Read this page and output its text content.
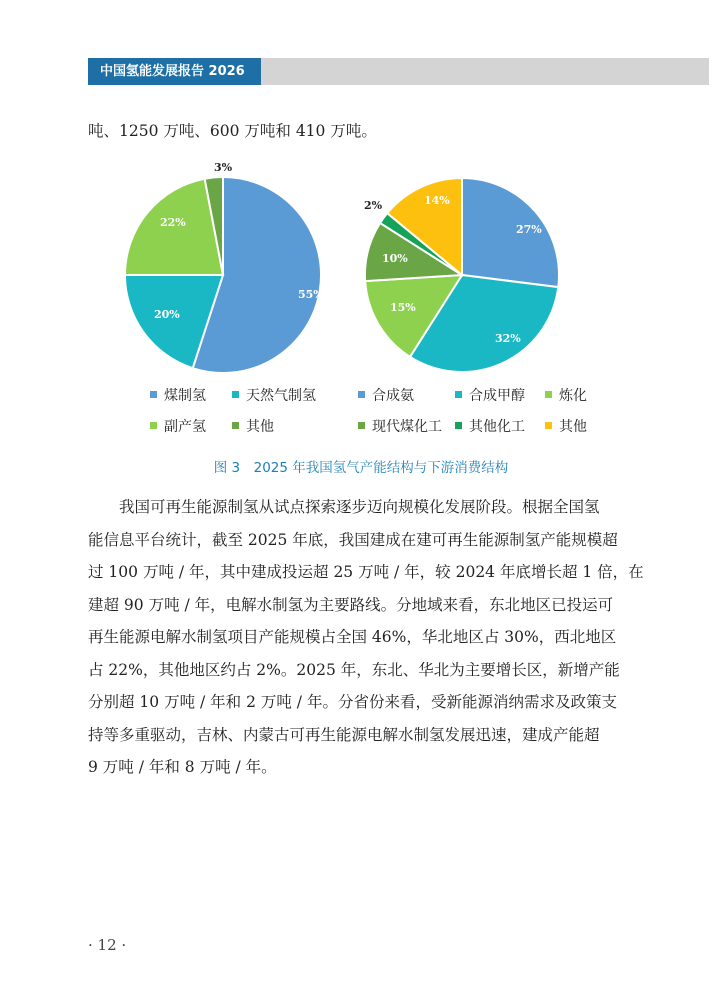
中国氢能发展报告 2026
吨、1250 万吨、600 万吨和 410 万吨。
55%
20%
22%
3%
27%
32%
15%
10%
2%	14%
煤制氢	天然气制氢
副产氢	其他
合成氨	合成甲醇	炼化
现代煤化工	其他化工	其他
图 3　2025 年我国氢气产能结构与下游消费结构
我国可再生能源制氢从试点探索逐步迈向规模化发展阶段。根据全国氢
能信息平台统计，截至 2025 年底，我国建成在建可再生能源制氢产能规模超
过 100 万吨 / 年，其中建成投运超 25 万吨 / 年，较 2024 年底增长超 1 倍，在
建超 90 万吨 / 年，电解水制氢为主要路线。分地域来看，东北地区已投运可
再生能源电解水制氢项目产能规模占全国 46%，华北地区占 30%，西北地区
占 22%，其他地区约占 2%。2025 年，东北、华北为主要增长区，新增产能
分别超 10 万吨 / 年和 2 万吨 / 年。分省份来看，受新能源消纳需求及政策支
持等多重驱动，吉林、内蒙古可再生能源电解水制氢发展迅速，建成产能超
9 万吨 / 年和 8 万吨 / 年。
· 12 ·
